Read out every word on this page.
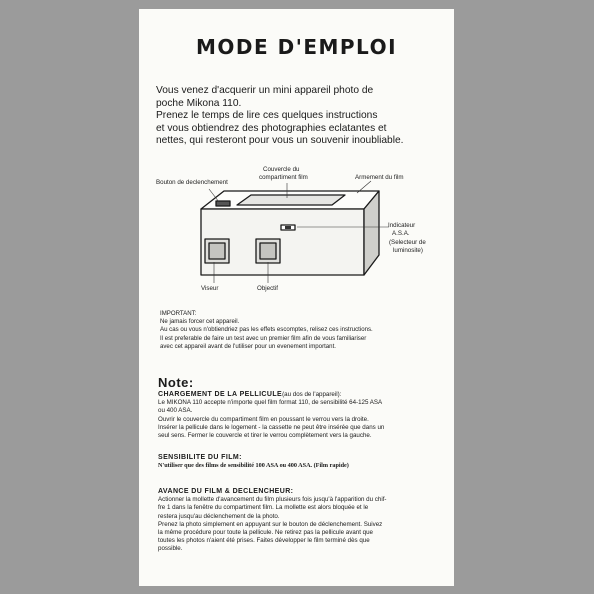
MODE D'EMPLOI

Vous venez d'acquerir un mini appareil photo de

poche Mikona 110.

Prenez le temps de lire ces quelques instructions

et vous obtiendrez des photographies eclatantes et

nettes, qui resteront pour vous un souvenir inoubliable.

Bouton de declenchement
Couvercle du
compartiment film	Armement du film
Indicateur
A.S.A.
(Selecteur de
luminosite)
Viseur	Objectif

IMPORTANT:

Ne jamais forcer cet appareil.

Au cas ou vous n'obtiendriez pas les effets escomptes, relisez ces instructions.

Il est preferable de faire un test avec un premier film afin de vous familiariser

avec cet appareil avant de l'utiliser pour un evenement important.

Note:

CHARGEMENT DE LA PELLICULE(au dos de l'appareil):

Le MIKONA 110 accepte n'importe quel film format 110, de sensibilité 64-125 ASA

ou 400 ASA.

Ouvrir le couvercle du compartiment film en poussant le verrou vers la droite.

Insérer la pellicule dans le logement - la cassette ne peut être insérée que dans un

seul sens. Fermer le couvercle et tirer le verrou complètement vers la gauche.

SENSIBILITE DU FILM:

N'utiliser que des films de sensibilité 100 ASA ou 400 ASA. (Film rapide)

AVANCE DU FILM & DECLENCHEUR:

Actionner la mollette d'avancement du film plusieurs fois jusqu'à l'apparition du chif-

fre 1 dans la fenêtre du compartiment film. La mollette est alors bloquée et le

restera jusqu'au déclenchement de la photo.

Prenez la photo simplement en appuyant sur le bouton de déclenchement. Suivez

la même procédure pour toute la pellicule. Ne retirez pas la pellicule avant que

toutes les photos n'aient été prises. Faites développer le film terminé dès que

possible.
